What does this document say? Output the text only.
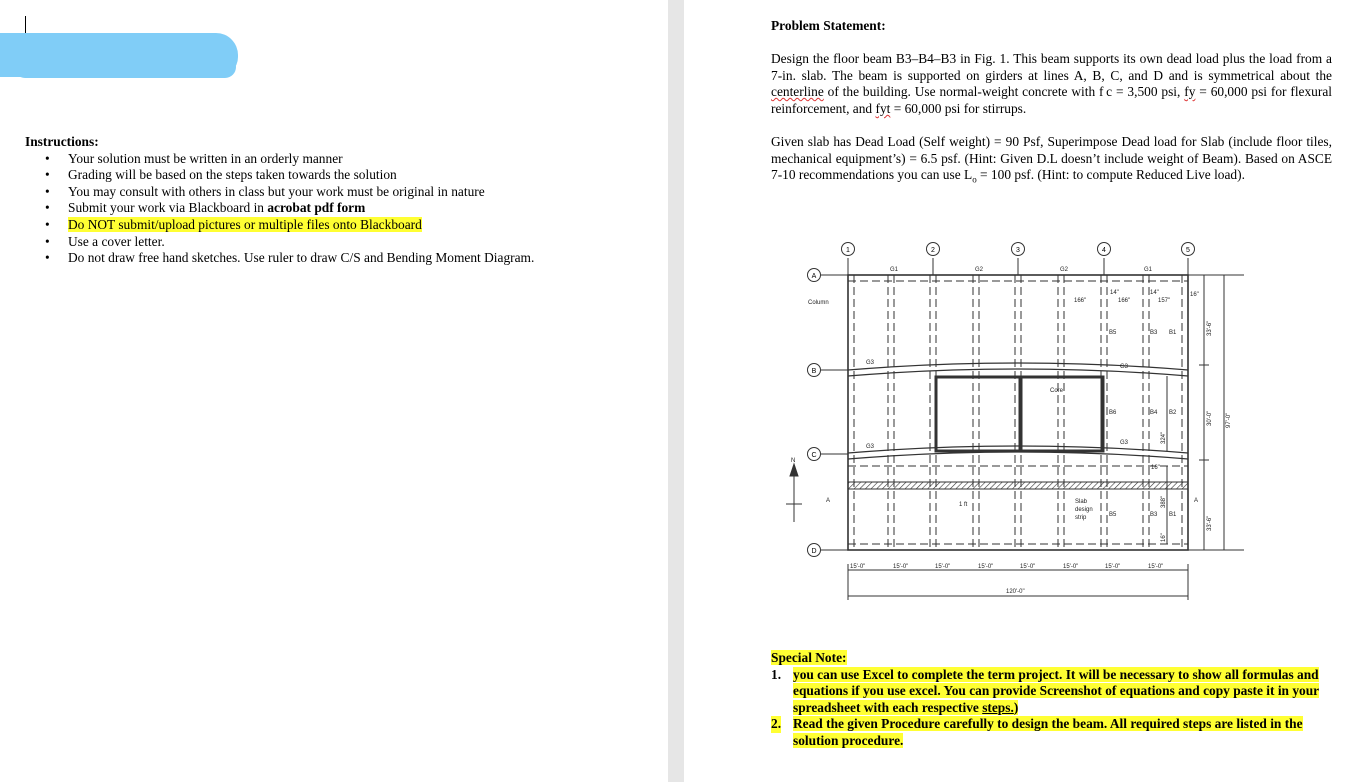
Instructions:
• Your solution must be written in an orderly manner
• Grading will be based on the steps taken towards the solution
• You may consult with others in class but your work must be original in nature
• Submit your work via Blackboard in acrobat pdf form
• Do NOT submit/upload pictures or multiple files onto Blackboard
• Use a cover letter.
• Do not draw free hand sketches. Use ruler to draw C/S and Bending Moment Diagram.
Problem Statement:
Design the floor beam B3–B4–B3 in Fig. 1. This beam supports its own dead load plus the load from a 7-in. slab. The beam is supported on girders at lines A, B, C, and D and is symmetrical about the centerline of the building. Use normal-weight concrete with f c = 3,500 psi, fy = 60,000 psi for flexural reinforcement, and fyt = 60,000 psi for stirrups.
Given slab has Dead Load (Self weight) = 90 Psf, Superimpose Dead load for Slab (include floor tiles, mechanical equipment’s) = 6.5 psf. (Hint: Given D.L doesn’t include weight of Beam). Based on ASCE 7-10 recommendations you can use $L_o = 100$ psf. (Hint: to compute Reduced Live load).
1	2	3	4	5
A
B
C
D
G1	G2	G2	G1
G3
G3
G3
G3
B5	B3 B1
B6	B4 B2
B5	B3 B1
Column
Core
Slab
design
strip
166"
14"
166"
14"
157"
16"
33'-6"
30'-0"
33'-6"
97'-0"
324"
16"
388"
16"
15'-0"	15'-0"	15'-0"	15'-0"	15'-0"	15'-0"	15'-0"	15'-0"
120'-0"
1 ft
N
A	A
Special Note:
1. you can use Excel to complete the term project. It will be necessary to show all formulas and equations if you use excel. You can provide Screenshot of equations and copy paste it in your spreadsheet with each respective steps.)
2. Read the given Procedure carefully to design the beam. All required steps are listed in the solution procedure.
